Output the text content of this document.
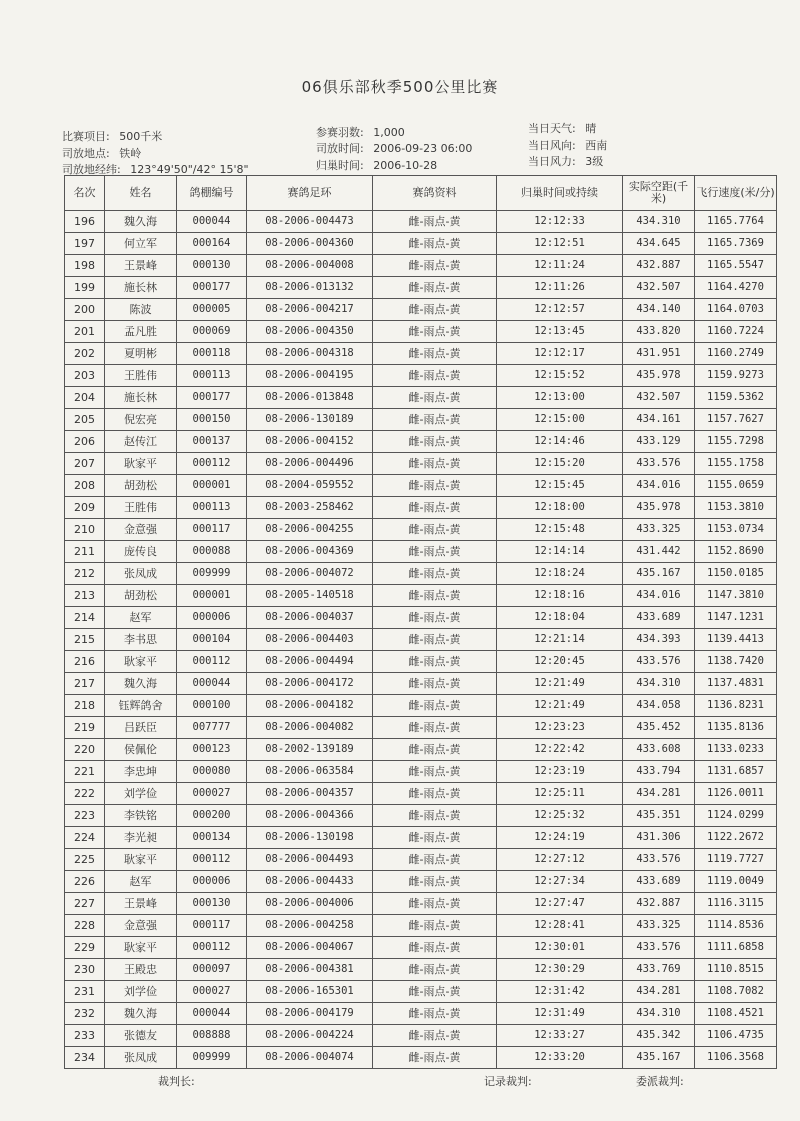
06俱乐部秋季500公里比赛
比赛项目: 500千米
司放地点: 铁岭
司放地经纬: 123°49'50"/42° 15'8"
参赛羽数: 1,000
司放时间: 2006-09-23 06:00
归巢时间: 2006-10-28
当日天气: 晴
当日风向: 西南
当日风力: 3级
名次	姓名	鸽棚编号	赛鸽足环	赛鸽资料	归巢时间或持续	实际空距(千米)	飞行速度(米/分)
196	魏久海	000044	08-2006-004473	雌-雨点-黄	12:12:33	434.310	1165.7764
197	何立军	000164	08-2006-004360	雌-雨点-黄	12:12:51	434.645	1165.7369
198	王景峰	000130	08-2006-004008	雌-雨点-黄	12:11:24	432.887	1165.5547
199	施长林	000177	08-2006-013132	雌-雨点-黄	12:11:26	432.507	1164.4270
200	陈波	000005	08-2006-004217	雌-雨点-黄	12:12:57	434.140	1164.0703
201	孟凡胜	000069	08-2006-004350	雌-雨点-黄	12:13:45	433.820	1160.7224
202	夏明彬	000118	08-2006-004318	雌-雨点-黄	12:12:17	431.951	1160.2749
203	王胜伟	000113	08-2006-004195	雌-雨点-黄	12:15:52	435.978	1159.9273
204	施长林	000177	08-2006-013848	雌-雨点-黄	12:13:00	432.507	1159.5362
205	倪宏亮	000150	08-2006-130189	雌-雨点-黄	12:15:00	434.161	1157.7627
206	赵传江	000137	08-2006-004152	雌-雨点-黄	12:14:46	433.129	1155.7298
207	耿家平	000112	08-2006-004496	雌-雨点-黄	12:15:20	433.576	1155.1758
208	胡劲松	000001	08-2004-059552	雌-雨点-黄	12:15:45	434.016	1155.0659
209	王胜伟	000113	08-2003-258462	雌-雨点-黄	12:18:00	435.978	1153.3810
210	金意强	000117	08-2006-004255	雌-雨点-黄	12:15:48	433.325	1153.0734
211	庞传良	000088	08-2006-004369	雌-雨点-黄	12:14:14	431.442	1152.8690
212	张凤成	009999	08-2006-004072	雌-雨点-黄	12:18:24	435.167	1150.0185
213	胡劲松	000001	08-2005-140518	雌-雨点-黄	12:18:16	434.016	1147.3810
214	赵军	000006	08-2006-004037	雌-雨点-黄	12:18:04	433.689	1147.1231
215	李书思	000104	08-2006-004403	雌-雨点-黄	12:21:14	434.393	1139.4413
216	耿家平	000112	08-2006-004494	雌-雨点-黄	12:20:45	433.576	1138.7420
217	魏久海	000044	08-2006-004172	雌-雨点-黄	12:21:49	434.310	1137.4831
218	钰辉鸽舍	000100	08-2006-004182	雌-雨点-黄	12:21:49	434.058	1136.8231
219	吕跃臣	007777	08-2006-004082	雌-雨点-黄	12:23:23	435.452	1135.8136
220	侯佩伦	000123	08-2002-139189	雌-雨点-黄	12:22:42	433.608	1133.0233
221	李忠坤	000080	08-2006-063584	雌-雨点-黄	12:23:19	433.794	1131.6857
222	刘学俭	000027	08-2006-004357	雌-雨点-黄	12:25:11	434.281	1126.0011
223	李铁铭	000200	08-2006-004366	雌-雨点-黄	12:25:32	435.351	1124.0299
224	李光昶	000134	08-2006-130198	雌-雨点-黄	12:24:19	431.306	1122.2672
225	耿家平	000112	08-2006-004493	雌-雨点-黄	12:27:12	433.576	1119.7727
226	赵军	000006	08-2006-004433	雌-雨点-黄	12:27:34	433.689	1119.0049
227	王景峰	000130	08-2006-004006	雌-雨点-黄	12:27:47	432.887	1116.3115
228	金意强	000117	08-2006-004258	雌-雨点-黄	12:28:41	433.325	1114.8536
229	耿家平	000112	08-2006-004067	雌-雨点-黄	12:30:01	433.576	1111.6858
230	王殿忠	000097	08-2006-004381	雌-雨点-黄	12:30:29	433.769	1110.8515
231	刘学俭	000027	08-2006-165301	雌-雨点-黄	12:31:42	434.281	1108.7082
232	魏久海	000044	08-2006-004179	雌-雨点-黄	12:31:49	434.310	1108.4521
233	张德友	008888	08-2006-004224	雌-雨点-黄	12:33:27	435.342	1106.4735
234	张凤成	009999	08-2006-004074	雌-雨点-黄	12:33:20	435.167	1106.3568
裁判长:	记录裁判:	委派裁判:
